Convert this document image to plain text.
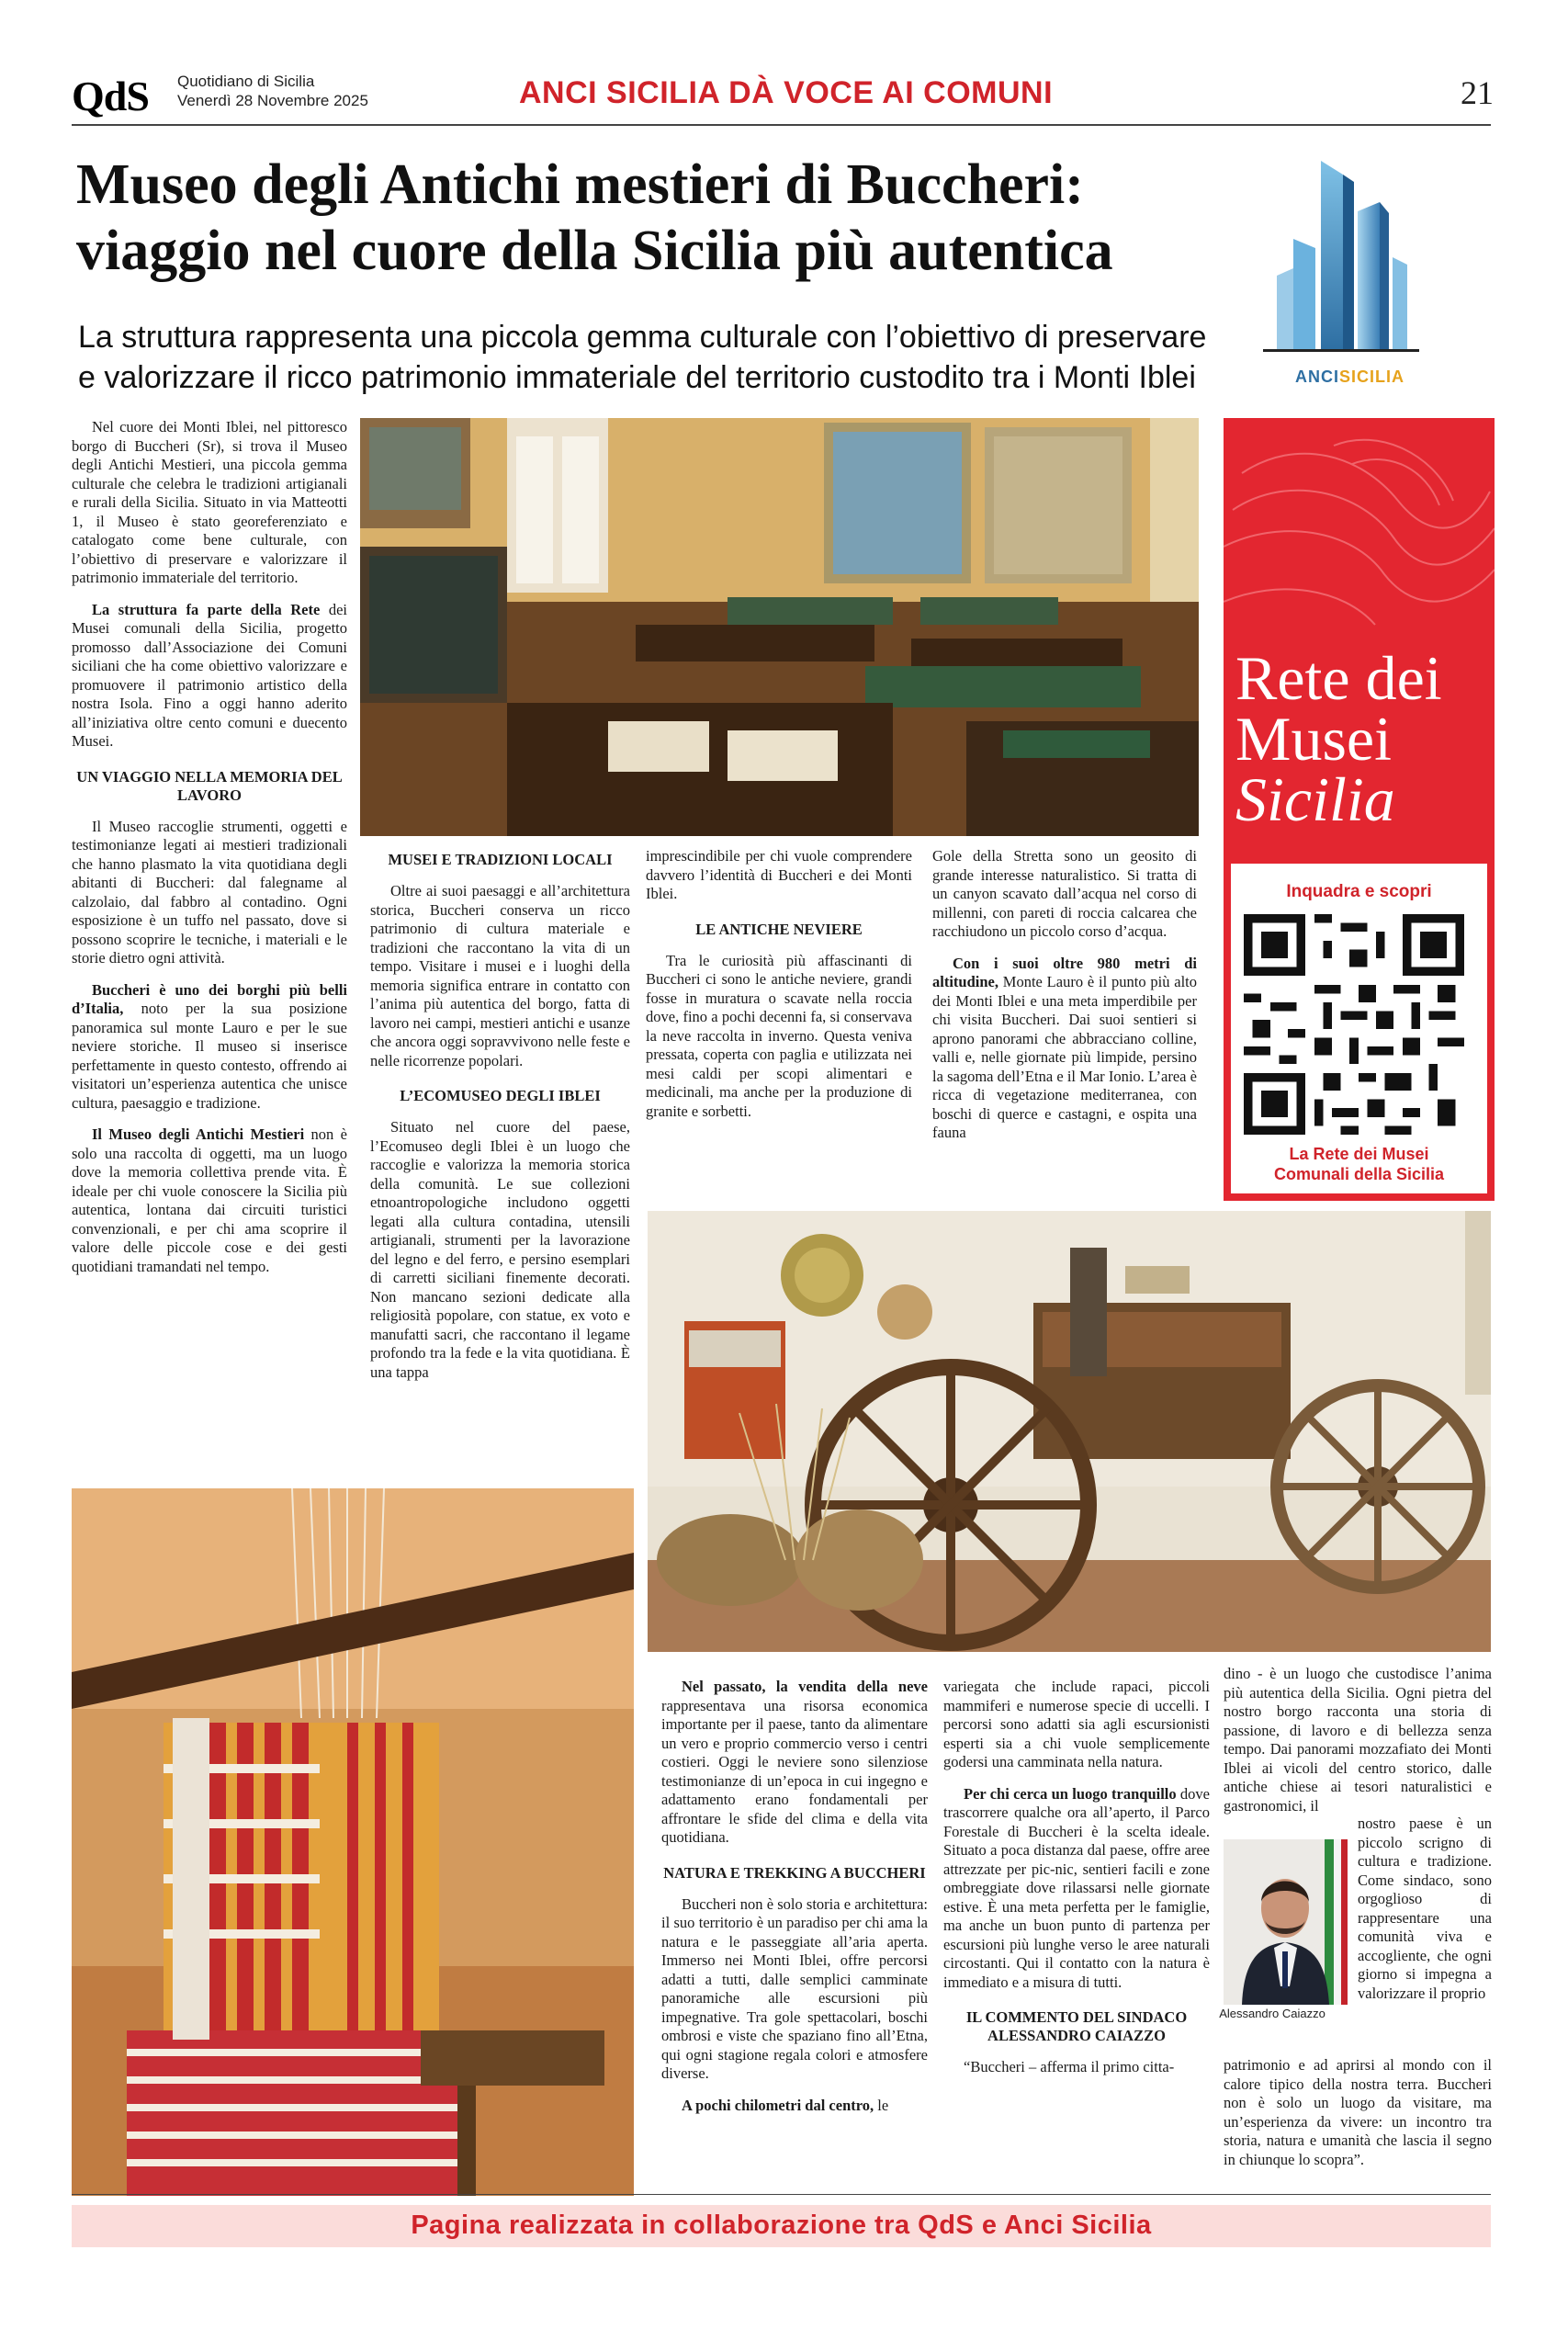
QdS Quotidiano di Sicilia
Venerdì 28 Novembre 2025	ANCI SICILIA DÀ VOCE AI COMUNI	21
Museo degli Antichi mestieri di Buccheri:
viaggio nel cuore della Sicilia più autentica
La struttura rappresenta una piccola gemma culturale con l’obiettivo di preservare
e valorizzare il ricco patrimonio immateriale del territorio custodito tra i Monti Iblei	ANCISICILIA

Nel cuore dei Monti Iblei, nel pittoresco borgo di Buccheri (Sr), si trova il Museo degli Antichi Mestieri, una piccola gemma culturale che celebra le tradizioni artigianali e rurali della Sicilia. Situato in via Matteotti 1, il Museo è stato georeferenziato e catalogato come bene culturale, con l’obiettivo di preservare e valorizzare il patrimonio immateriale del territorio.

La struttura fa parte della Rete dei Musei comunali della Sicilia, progetto promosso dall’Associazione dei Comuni siciliani che ha come obiettivo valorizzare e promuovere il patrimonio artistico della nostra Isola. Fino a oggi hanno aderito all’iniziativa oltre cento comuni e duecento Musei.

UN VIAGGIO NELLA MEMORIA DEL LAVORO

Il Museo raccoglie strumenti, oggetti e testimonianze legati ai mestieri tradizionali che hanno plasmato la vita quotidiana degli abitanti di Buccheri: dal falegname al calzolaio, dal fabbro al contadino. Ogni esposizione è un tuffo nel passato, dove si possono scoprire le tecniche, i materiali e le storie dietro ogni attività.

Buccheri è uno dei borghi più belli d’Italia, noto per la sua posizione panoramica sul monte Lauro e per le sue neviere storiche. Il museo si inserisce perfettamente in questo contesto, offrendo ai visitatori un’esperienza autentica che unisce cultura, paesaggio e tradizione.

Il Museo degli Antichi Mestieri non è solo una raccolta di oggetti, ma un luogo dove la memoria collettiva prende vita. È ideale per chi vuole conoscere la Sicilia più autentica, lontana dai circuiti turistici convenzionali, e per chi ama scoprire il valore delle piccole cose e dei gesti quotidiani tramandati nel tempo.

MUSEI E TRADIZIONI LOCALI

Oltre ai suoi paesaggi e all’architettura storica, Buccheri conserva un ricco patrimonio di cultura materiale e tradizioni che raccontano la vita di un tempo. Visitare i musei e i luoghi della memoria significa entrare in contatto con l’anima più autentica del borgo, fatta di lavoro nei campi, mestieri antichi e usanze che ancora oggi sopravvivono nelle feste e nelle ricorrenze popolari.

L’ECOMUSEO DEGLI IBLEI

Situato nel cuore del paese, l’Ecomuseo degli Iblei è un luogo che raccoglie e valorizza la memoria storica della comunità. Le sue collezioni etnoantropologiche includono oggetti legati alla cultura contadina, utensili artigianali, strumenti per la lavorazione del legno e del ferro, e persino esemplari di carretti siciliani finemente decorati. Non mancano sezioni dedicate alla religiosità popolare, con statue, ex voto e manufatti sacri, che raccontano il legame profondo tra la fede e la vita quotidiana. È una tappa

imprescindibile per chi vuole comprendere davvero l’identità di Buccheri e dei Monti Iblei.

LE ANTICHE NEVIERE

Tra le curiosità più affascinanti di Buccheri ci sono le antiche neviere, grandi fosse in muratura o scavate nella roccia dove, fino a pochi decenni fa, si conservava la neve raccolta in inverno. Questa veniva pressata, coperta con paglia e utilizzata nei mesi caldi per scopi alimentari e medicinali, ma anche per la produzione di granite e sorbetti.

Gole della Stretta sono un geosito di grande interesse naturalistico. Si tratta di un canyon scavato dall’acqua nel corso di millenni, con pareti di roccia calcarea che racchiudono un piccolo corso d’acqua.

Con i suoi oltre 980 metri di altitudine, Monte Lauro è il punto più alto dei Monti Iblei e una meta imperdibile per chi visita Buccheri. Dai suoi sentieri si aprono panorami che abbracciano colline, valli e, nelle giornate più limpide, persino la sagoma dell’Etna e il Mar Ionio. L’area è ricca di vegetazione mediterranea, con boschi di querce e castagni, e ospita una fauna

Rete dei
Musei
Sicilia
Inquadra e scopri
La Rete dei Musei
Comunali della Sicilia

Nel passato, la vendita della neve rappresentava una risorsa economica importante per il paese, tanto da alimentare un vero e proprio commercio verso i centri costieri. Oggi le neviere sono silenziose testimonianze di un’epoca in cui ingegno e adattamento erano fondamentali per affrontare le sfide del clima e della vita quotidiana.

NATURA E TREKKING A BUCCHERI

Buccheri non è solo storia e architettura: il suo territorio è un paradiso per chi ama la natura e le passeggiate all’aria aperta. Immerso nei Monti Iblei, offre percorsi adatti a tutti, dalle semplici camminate panoramiche alle escursioni più impegnative. Tra gole spettacolari, boschi ombrosi e viste che spaziano fino all’Etna, qui ogni stagione regala colori e atmosfere diverse.

A pochi chilometri dal centro, le

variegata che include rapaci, piccoli mammiferi e numerose specie di uccelli. I percorsi sono adatti sia agli escursionisti esperti sia a chi vuole semplicemente godersi una camminata nella natura.

Per chi cerca un luogo tranquillo dove trascorrere qualche ora all’aperto, il Parco Forestale di Buccheri è la scelta ideale. Situato a poca distanza dal paese, offre aree attrezzate per pic-nic, sentieri facili e zone ombreggiate dove rilassarsi nelle giornate estive. È una meta perfetta per le famiglie, ma anche un buon punto di partenza per escursioni più lunghe verso le aree naturali circostanti. Qui il contatto con la natura è immediato e a misura di tutti.

IL COMMENTO DEL SINDACO ALESSANDRO CAIAZZO

“Buccheri – afferma il primo citta-

dino - è un luogo che custodisce l’anima più autentica della Sicilia. Ogni pietra del nostro borgo racconta una storia di passione, di lavoro e di bellezza senza tempo. Dai panorami mozzafiato dei Monti Iblei ai vicoli del centro storico, dalle antiche chiese ai tesori naturalistici e gastronomici, il

nostro paese è un piccolo scrigno di cultura e tradizione. Come sindaco, sono orgoglioso di rappresentare una comunità viva e accogliente, che ogni giorno si impegna a valorizzare il proprio

patrimonio e ad aprirsi al mondo con il calore tipico della nostra terra. Buccheri non è solo un luogo da visitare, ma un’esperienza da vivere: un incontro tra storia, natura e umanità che lascia il segno in chiunque lo scopra”.

Alessandro Caiazzo
Pagina realizzata in collaborazione tra QdS e Anci Sicilia
